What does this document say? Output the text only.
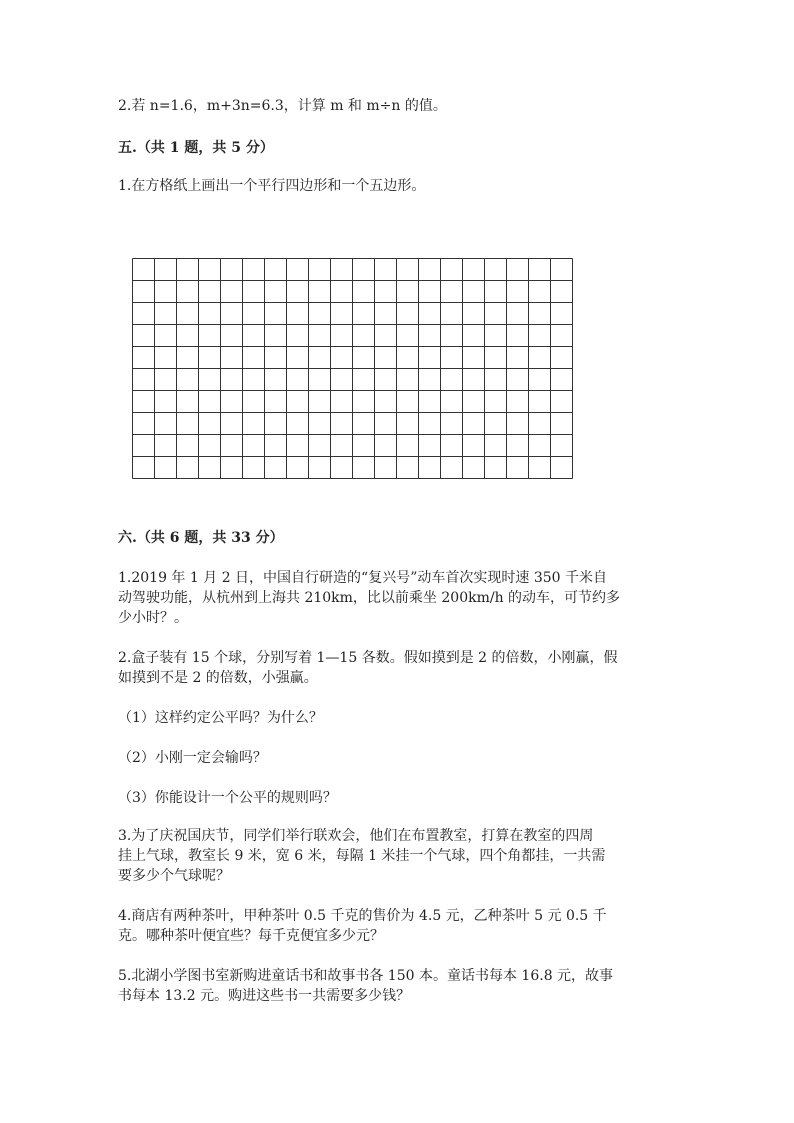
2.若 n=1.6，m+3n=6.3，计算 m 和 m÷n 的值。
五.（共 1 题，共 5 分）
1.在方格纸上画出一个平行四边形和一个五边形。
六.（共 6 题，共 33 分）
1.2019 年 1 月 2 日，中国自行研造的“复兴号”动车首次实现时速 350 千米自
动驾驶功能，从杭州到上海共 210km，比以前乘坐 200km/h 的动车，可节约多
少小时？。
2.盒子装有 15 个球，分别写着 1—15 各数。假如摸到是 2 的倍数，小刚赢，假
如摸到不是 2 的倍数，小强赢。
（1）这样约定公平吗？为什么？
（2）小刚一定会输吗？
（3）你能设计一个公平的规则吗？
3.为了庆祝国庆节，同学们举行联欢会，他们在布置教室，打算在教室的四周
挂上气球，教室长 9 米，宽 6 米，每隔 1 米挂一个气球，四个角都挂，一共需
要多少个气球呢？
4.商店有两种茶叶，甲种茶叶 0.5 千克的售价为 4.5 元，乙种茶叶 5 元 0.5 千
克。哪种茶叶便宜些？每千克便宜多少元？
5.北湖小学图书室新购进童话书和故事书各 150 本。童话书每本 16.8 元，故事
书每本 13.2 元。购进这些书一共需要多少钱？
